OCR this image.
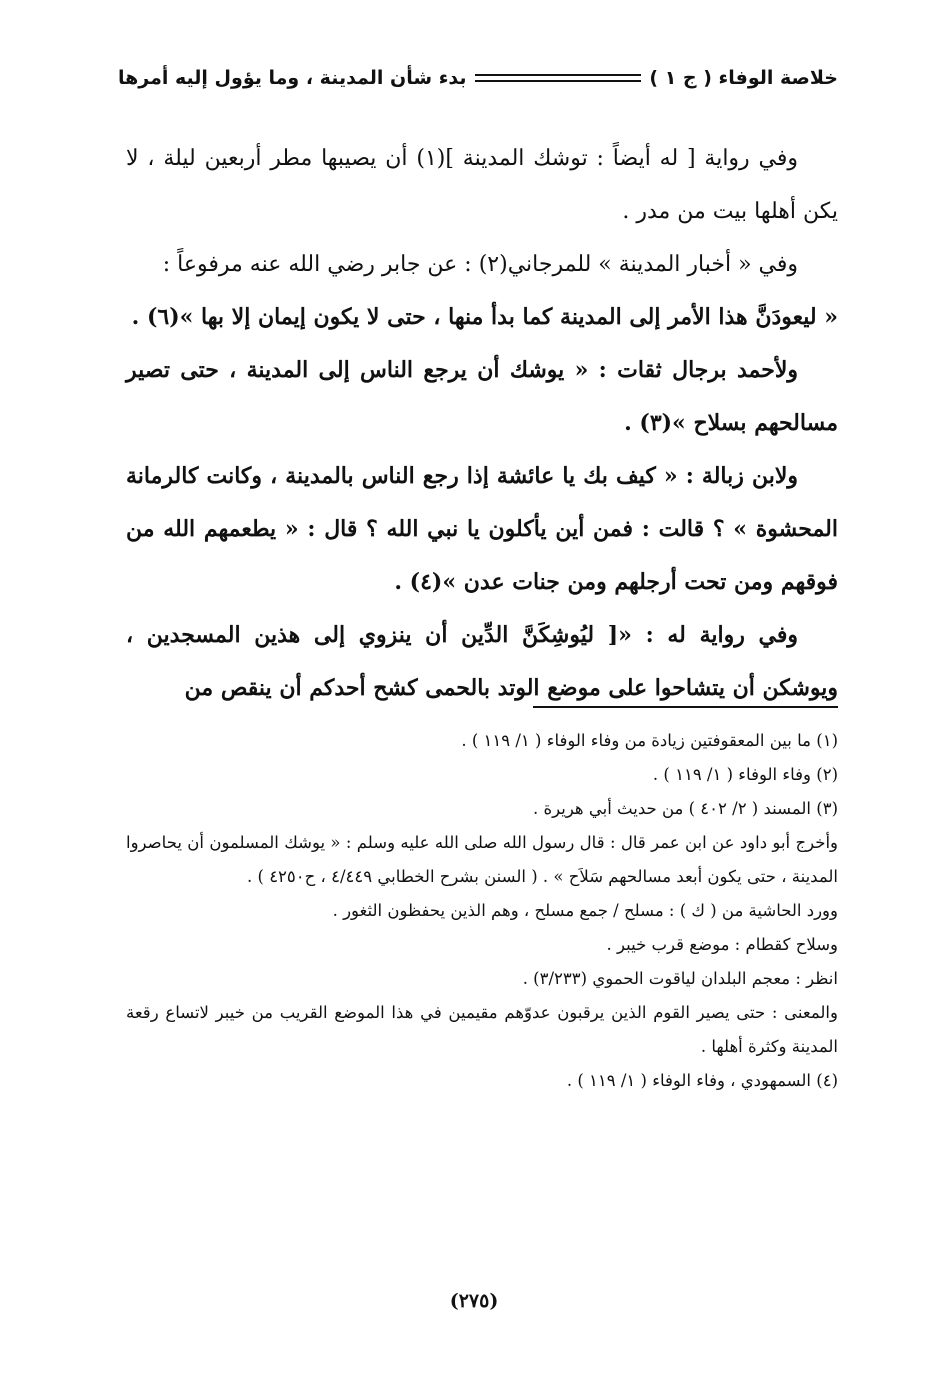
خلاصة الوفاء ( ج ١ )
بدء شأن المدينة ، وما يؤول إليه أمرها

وفي رواية [ له أيضاً : توشك المدينة ](١) أن يصيبها مطر أربعين ليلة ، لا يكن أهلها بيت من مدر .

وفي « أخبار المدينة » للمرجاني(٢) : عن جابر رضي الله عنه مرفوعاً :

« ليعودَنَّ هذا الأمر إلى المدينة كما بدأ منها ، حتى لا يكون إيمان إلا بها »(٦) .

ولأحمد برجال ثقات : « يوشك أن يرجع الناس إلى المدينة ، حتى تصير مسالحهم بسلاح »(٣) .

ولابن زبالة : « كيف بك يا عائشة إذا رجع الناس بالمدينة ، وكانت كالرمانة المحشوة » ؟ قالت : فمن أين يأكلون يا نبي الله ؟ قال : « يطعمهم الله من فوقهم ومن تحت أرجلهم ومن جنات عدن »(٤) .

وفي رواية له : «[ ليُوشِكَنَّ الدِّين أن ينزوي إلى هذين المسجدين ، ويوشكن أن يتشاحوا على موضع الوتد بالحمى كشح أحدكم أن ينقص من

(١) ما بين المعقوفتين زيادة من وفاء الوفاء ( ١/ ١١٩ ) .

(٢) وفاء الوفاء ( ١/ ١١٩ ) .

(٣) المسند ( ٢/ ٤٠٢ ) من حديث أبي هريرة .

وأخرج أبو داود عن ابن عمر قال : قال رسول الله صلى الله عليه وسلم : « يوشك المسلمون أن يحاصروا المدينة ، حتى يكون أبعد مسالحهم سَلاَح » . ( السنن بشرح الخطابي ٤/٤٤٩ ، ح٤٢٥٠ ) .

وورد الحاشية من ( ك ) : مسلح / جمع مسلح ، وهم الذين يحفظون الثغور .

وسلاح كقطام : موضع قرب خيبر .

انظر : معجم البلدان لياقوت الحموي (٣/٢٣٣) .

والمعنى : حتى يصير القوم الذين يرقبون عدوّهم مقيمين في هذا الموضع القريب من خيبر لاتساع رقعة المدينة وكثرة أهلها .

(٤) السمهودي ، وفاء الوفاء ( ١/ ١١٩ ) .

(٢٧٥)
